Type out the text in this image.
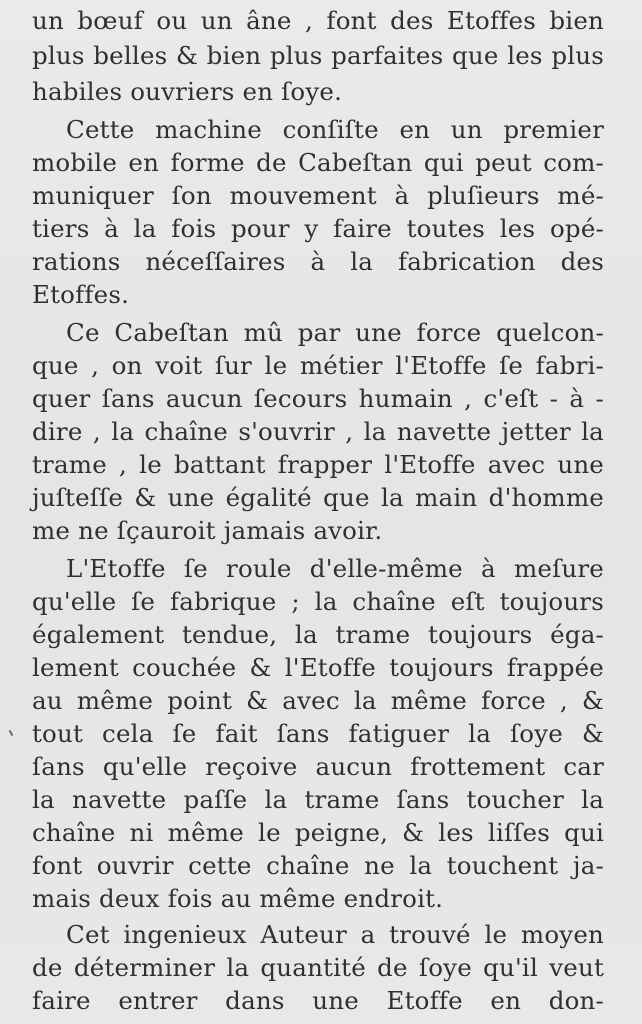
un bœuf ou un âne , font des Etoffes bien
plus belles & bien plus parfaites que les plus
habiles ouvriers en ſoye.
Cette machine conſiſte en un premier
mobile en forme de Cabeſtan qui peut com-
muniquer ſon mouvement à pluſieurs mé-
tiers à la fois pour y faire toutes les opé-
rations néceſſaires à la fabrication des
Etoffes.
Ce Cabeſtan mû par une force quelcon-
que , on voit ſur le métier l'Etoffe ſe fabri-
quer ſans aucun ſecours humain , c'eſt - à -
dire , la chaîne s'ouvrir , la navette jetter la
trame , le battant frapper l'Etoffe avec une
juſteſſe & une égalité que la main d'homme
me ne ſçauroit jamais avoir.
L'Etoffe ſe roule d'elle-même à meſure
qu'elle ſe fabrique ; la chaîne eſt toujours
également tendue, la trame toujours éga-
lement couchée & l'Etoffe toujours frappée
au même point & avec la même force , &
tout cela ſe fait ſans fatiguer la ſoye &
ſans qu'elle reçoive aucun frottement car
la navette paſſe la trame ſans toucher la
chaîne ni même le peigne, & les liſſes qui
font ouvrir cette chaîne ne la touchent ja-
mais deux fois au même endroit.
Cet ingenieux Auteur a trouvé le moyen
de déterminer la quantité de ſoye qu'il veut
faire entrer dans une Etoffe en don-
